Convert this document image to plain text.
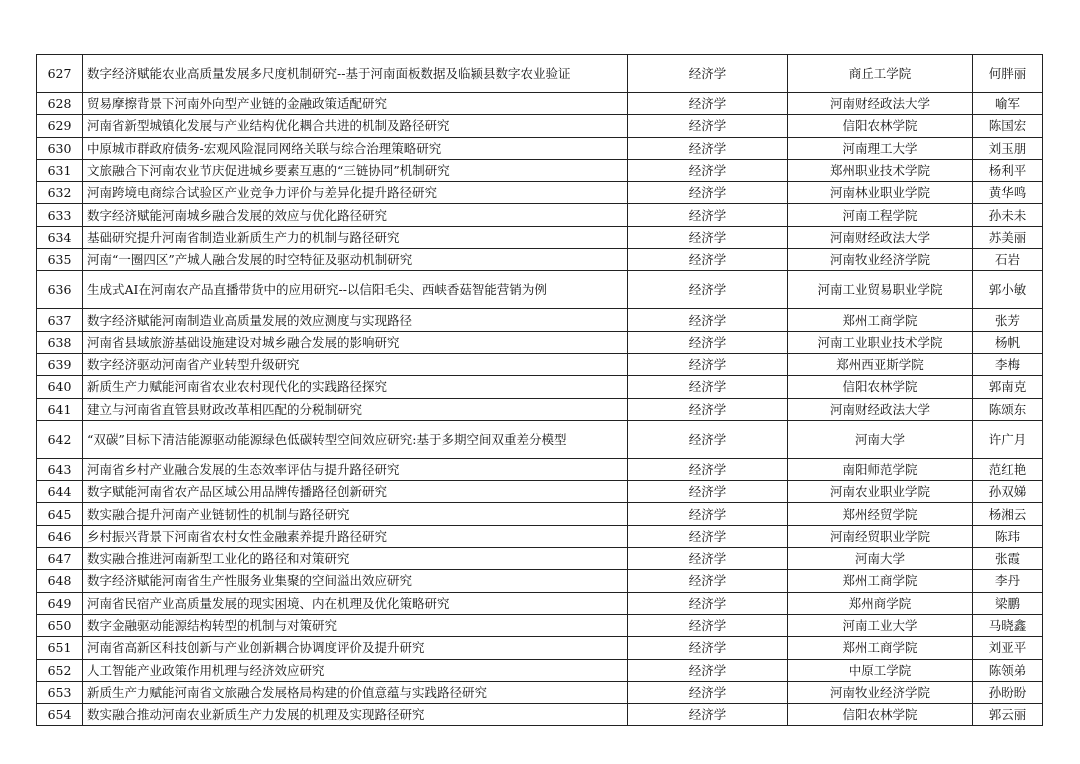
627	数字经济赋能农业高质量发展多尺度机制研究--基于河南面板数据及临颍县数字农业验证	经济学	商丘工学院	何胖丽
628	贸易摩擦背景下河南外向型产业链的金融政策适配研究	经济学	河南财经政法大学	喻军
629	河南省新型城镇化发展与产业结构优化耦合共进的机制及路径研究	经济学	信阳农林学院	陈国宏
630	中原城市群政府债务-宏观风险混同网络关联与综合治理策略研究	经济学	河南理工大学	刘玉朋
631	文旅融合下河南农业节庆促进城乡要素互惠的“三链协同”机制研究	经济学	郑州职业技术学院	杨利平
632	河南跨境电商综合试验区产业竞争力评价与差异化提升路径研究	经济学	河南林业职业学院	黄华鸣
633	数字经济赋能河南城乡融合发展的效应与优化路径研究	经济学	河南工程学院	孙未未
634	基础研究提升河南省制造业新质生产力的机制与路径研究	经济学	河南财经政法大学	苏美丽
635	河南“一圈四区”产城人融合发展的时空特征及驱动机制研究	经济学	河南牧业经济学院	石岩
636	生成式AI在河南农产品直播带货中的应用研究--以信阳毛尖、西峡香菇智能营销为例	经济学	河南工业贸易职业学院	郭小敏
637	数字经济赋能河南制造业高质量发展的效应测度与实现路径	经济学	郑州工商学院	张芳
638	河南省县域旅游基础设施建设对城乡融合发展的影响研究	经济学	河南工业职业技术学院	杨帆
639	数字经济驱动河南省产业转型升级研究	经济学	郑州西亚斯学院	李梅
640	新质生产力赋能河南省农业农村现代化的实践路径探究	经济学	信阳农林学院	郭南克
641	建立与河南省直管县财政改革相匹配的分税制研究	经济学	河南财经政法大学	陈颂东
642	“双碳”目标下清洁能源驱动能源绿色低碳转型空间效应研究:基于多期空间双重差分模型	经济学	河南大学	许广月
643	河南省乡村产业融合发展的生态效率评估与提升路径研究	经济学	南阳师范学院	范红艳
644	数字赋能河南省农产品区域公用品牌传播路径创新研究	经济学	河南农业职业学院	孙双娣
645	数实融合提升河南产业链韧性的机制与路径研究	经济学	郑州经贸学院	杨湘云
646	乡村振兴背景下河南省农村女性金融素养提升路径研究	经济学	河南经贸职业学院	陈玮
647	数实融合推进河南新型工业化的路径和对策研究	经济学	河南大学	张霞
648	数字经济赋能河南省生产性服务业集聚的空间溢出效应研究	经济学	郑州工商学院	李丹
649	河南省民宿产业高质量发展的现实困境、内在机理及优化策略研究	经济学	郑州商学院	梁鹏
650	数字金融驱动能源结构转型的机制与对策研究	经济学	河南工业大学	马晓鑫
651	河南省高新区科技创新与产业创新耦合协调度评价及提升研究	经济学	郑州工商学院	刘亚平
652	人工智能产业政策作用机理与经济效应研究	经济学	中原工学院	陈领弟
653	新质生产力赋能河南省文旅融合发展格局构建的价值意蕴与实践路径研究	经济学	河南牧业经济学院	孙盼盼
654	数实融合推动河南农业新质生产力发展的机理及实现路径研究	经济学	信阳农林学院	郭云丽
